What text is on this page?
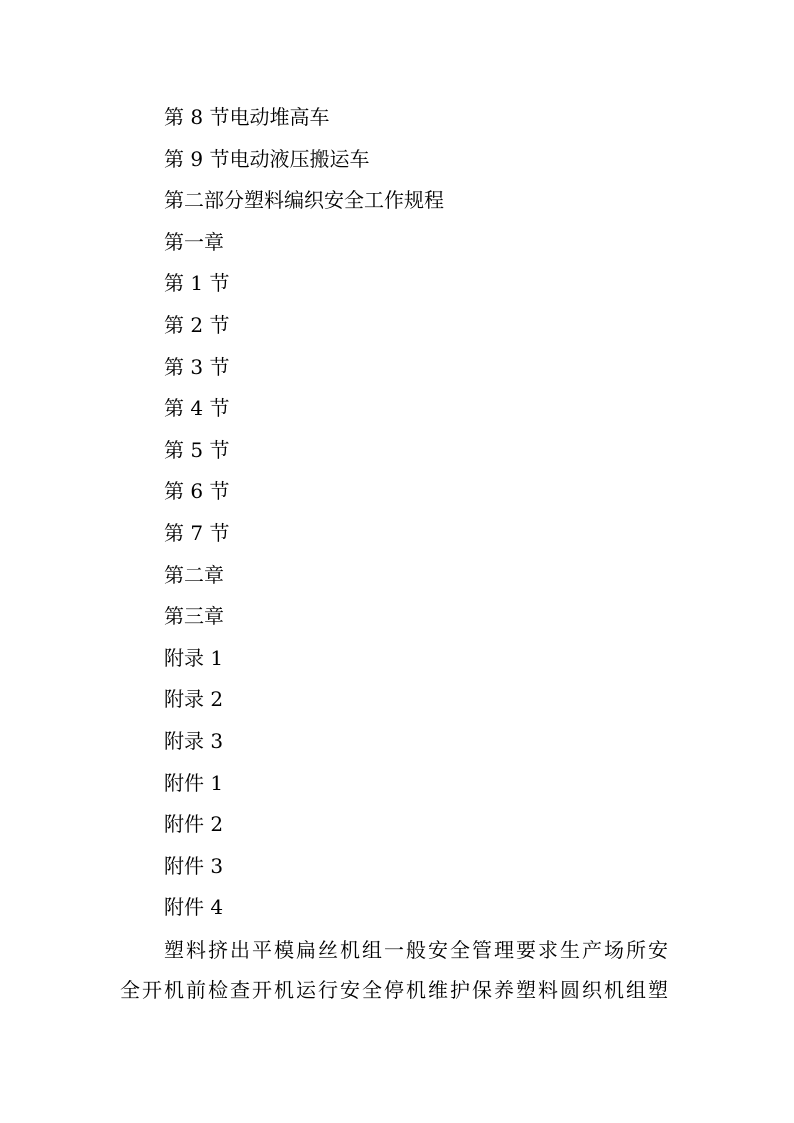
第 8 节电动堆高车
第 9 节电动液压搬运车
第二部分塑料编织安全工作规程
第一章
第 1 节
第 2 节
第 3 节
第 4 节
第 5 节
第 6 节
第 7 节
第二章
第三章
附录 1
附录 2
附录 3
附件 1
附件 2
附件 3
附件 4
塑料挤出平模扁丝机组一般安全管理要求生产场所安
全开机前检查开机运行安全停机维护保养塑料圆织机组塑
